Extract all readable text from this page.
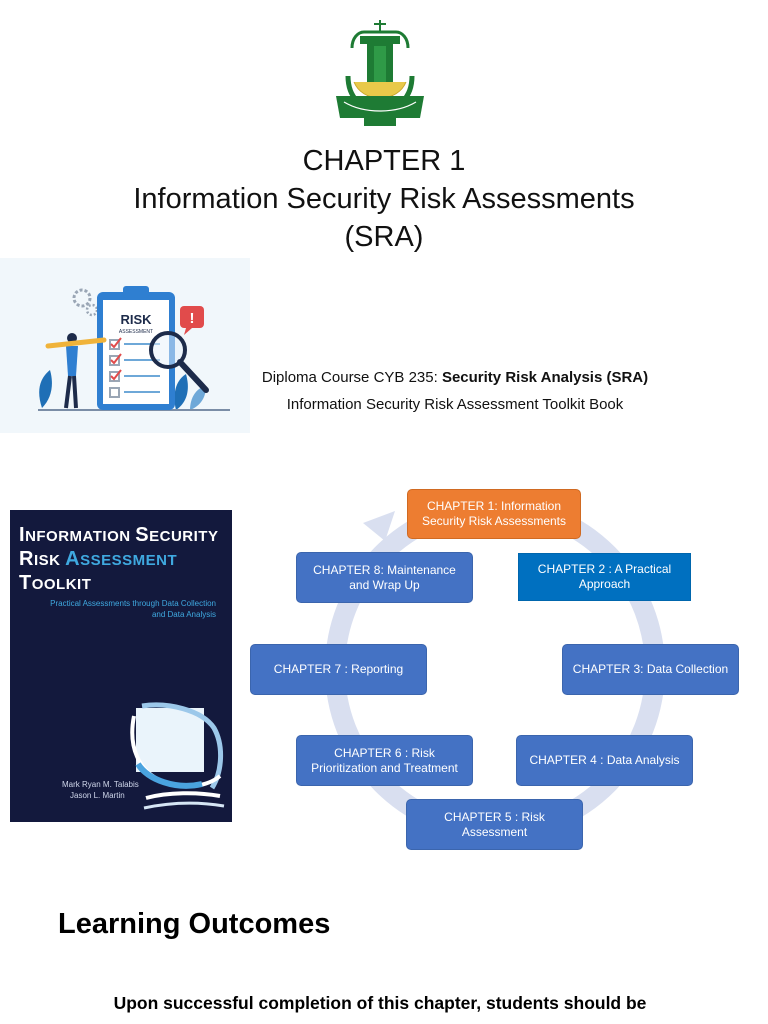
CHAPTER 1
Information Security Risk Assessments
(SRA)
RISK
ASSESSMENT
!
Diploma Course CYB 235: Security Risk Analysis (SRA)
Information Security Risk Assessment Toolkit Book
INFORMATION SECURITY
RISK ASSESSMENT
TOOLKIT
Practical Assessments through Data Collection and Data Analysis
Mark Ryan M. Talabis
Jason L. Martin
CHAPTER 1: Information Security Risk Assessments
CHAPTER 2 : A Practical Approach
CHAPTER 3: Data Collection
CHAPTER 4 : Data Analysis
CHAPTER 5 : Risk Assessment
CHAPTER 6 : Risk Prioritization and Treatment
CHAPTER 7 : Reporting
CHAPTER 8: Maintenance and Wrap Up
Learning Outcomes
Upon successful completion of this chapter, students should be
